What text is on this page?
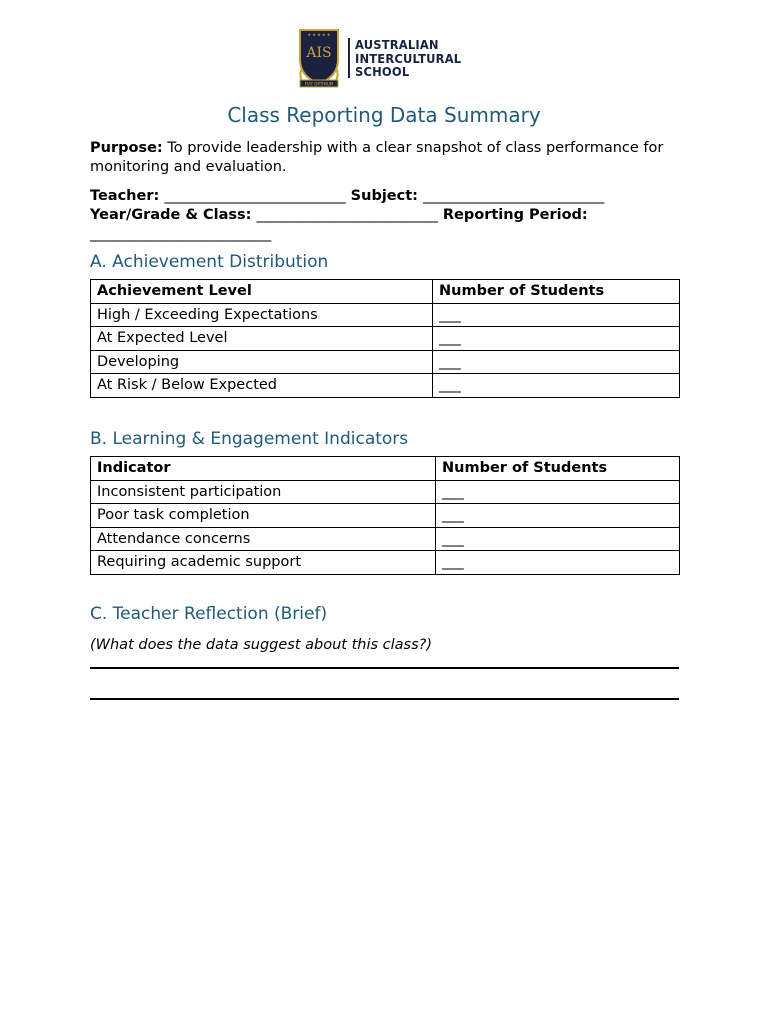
★ ★ ★ ★ ★
FIAT OPTIMUM
AIS
AUSTRALIAN
INTERCULTURAL
SCHOOL
Class Reporting Data Summary
Purpose: To provide leadership with a clear snapshot of class performance for monitoring and evaluation.
Teacher: _________________________ Subject: _________________________
Year/Grade & Class: _________________________ Reporting Period:
_________________________
A. Achievement Distribution
Achievement Level	Number of Students
High / Exceeding Expectations	___
At Expected Level	___
Developing	___
At Risk / Below Expected	___
B. Learning & Engagement Indicators
Indicator	Number of Students
Inconsistent participation	___
Poor task completion	___
Attendance concerns	___
Requiring academic support	___
C. Teacher Reflection (Brief)
(What does the data suggest about this class?)
